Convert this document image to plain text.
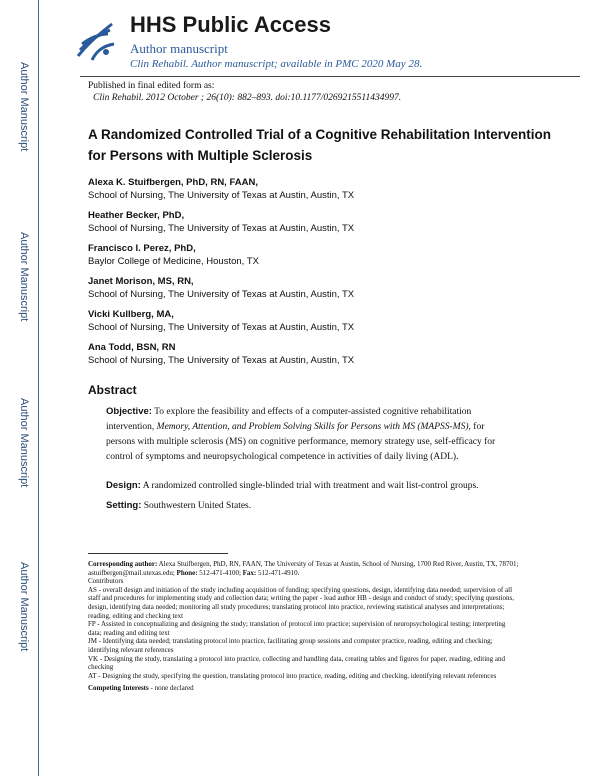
Author Manuscript
Author Manuscript
Author Manuscript
Author Manuscript
HHS Public Access
Author manuscript
Clin Rehabil. Author manuscript; available in PMC 2020 May 28.
Published in final edited form as:
Clin Rehabil. 2012 October ; 26(10): 882–893. doi:10.1177/0269215511434997.
A Randomized Controlled Trial of a Cognitive Rehabilitation Intervention for Persons with Multiple Sclerosis
Alexa K. Stuifbergen, PhD, RN, FAAN,
School of Nursing, The University of Texas at Austin, Austin, TX
Heather Becker, PhD,
School of Nursing, The University of Texas at Austin, Austin, TX
Francisco I. Perez, PhD,
Baylor College of Medicine, Houston, TX
Janet Morison, MS, RN,
School of Nursing, The University of Texas at Austin, Austin, TX
Vicki Kullberg, MA,
School of Nursing, The University of Texas at Austin, Austin, TX
Ana Todd, BSN, RN
School of Nursing, The University of Texas at Austin, Austin, TX
Abstract
Objective: To explore the feasibility and effects of a computer-assisted cognitive rehabilitation intervention, Memory, Attention, and Problem Solving Skills for Persons with MS (MAPSS-MS), for persons with multiple sclerosis (MS) on cognitive performance, memory strategy use, self-efficacy for control of symptoms and neuropsychological competence in activities of daily living (ADL).
Design: A randomized controlled single-blinded trial with treatment and wait list-control groups.
Setting: Southwestern United States.

Corresponding author: Alexa Stuifbergen, PhD, RN, FAAN, The University of Texas at Austin, School of Nursing, 1700 Red River, Austin, TX, 78701; astuifbergen@mail.utexas.edu; Phone: 512-471-4100; Fax: 512-471-4910.

Contributors

AS - overall design and initiation of the study including acquisition of funding; specifying questions, design, identifying data needed; supervision of all staff and procedures for implementing study and collection data; writing the paper - lead author HB - design and conduct of study; specifying questions, design, identifying data needed; monitoring all study procedures; translating protocol into practice, reviewing statistical analyses and interpretations; reading, editing and checking text

FP - Assisted in conceptualizing and designing the study; translation of protocol into practice; supervision of neuropsychological testing; interpreting data; reading and editing text

JM - Identifying data needed; translating protocol into practice, facilitating group sessions and computer practice, reading, editing and checking; identifying relevant references

VK - Designing the study, translating a protocol into practice, collecting and handling data, creating tables and figures for paper, reading, editing and checking

AT - Designing the study, specifying the question, translating protocol into practice, reading, editing and checking, identifying relevant references

Competing Interests - none declared
